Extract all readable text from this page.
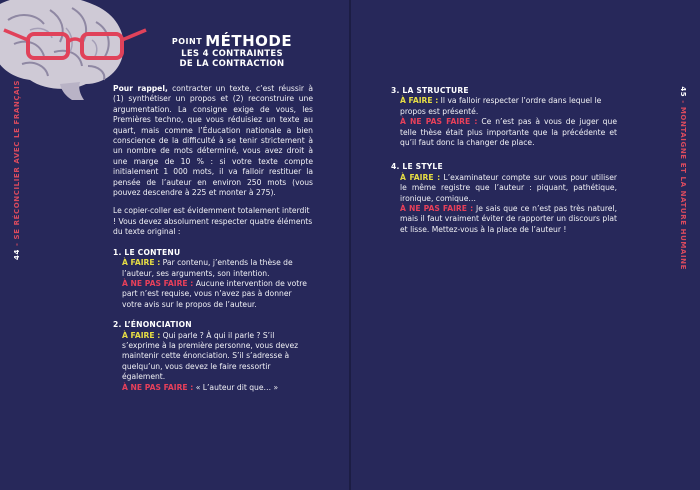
POINT MÉTHODE
LES 4 CONTRAINTES
DE LA CONTRACTION
44 - SE RÉCONCILIER AVEC LE FRANÇAIS	Pour rappel, contracter un texte, c’est réussir à (1) synthétiser un propos et (2) reconstruire une argumentation. La consigne exige de vous, les Premières techno, que vous réduisiez un texte au quart, mais comme l’Éducation nationale a bien conscience de la difficulté à se tenir strictement à un nombre de mots déterminé, vous avez droit à une marge de 10 % : si votre texte compte initialement 1 000 mots, il va falloir restituer la pensée de l’auteur en environ 250 mots (vous pouvez descendre à 225 et monter à 275).

Le copier-coller est évidemment totalement interdit ! Vous devez absolument respecter quatre éléments du texte original :

1. LE CONTENU
À FAIRE : Par contenu, j’entends la thèse de l’auteur, ses arguments, son intention.
À NE PAS FAIRE : Aucune intervention de votre part n’est requise, vous n’avez pas à donner votre avis sur le propos de l’auteur.
2. L’ÉNONCIATION
À FAIRE : Qui parle ? À qui il parle ? S’il s’exprime à la première personne, vous devez maintenir cette énonciation. S’il s’adresse à quelqu’un, vous devez le faire ressortir également.
À NE PAS FAIRE : « L’auteur dit que… »
45 - MONTAIGNE ET LA NATURE HUMAINE
3. LA STRUCTURE
À FAIRE : Il va falloir respecter l’ordre dans lequel le propos est présenté.
À NE PAS FAIRE : Ce n’est pas à vous de juger que telle thèse était plus importante que la précédente et qu’il faut donc la changer de place.
4. LE STYLE
À FAIRE : L’examinateur compte sur vous pour utiliser le même registre que l’auteur : piquant, pathétique, ironique, comique…
À NE PAS FAIRE : Je sais que ce n’est pas très naturel, mais il faut vraiment éviter de rapporter un discours plat et lisse. Mettez-vous à la place de l’auteur !
